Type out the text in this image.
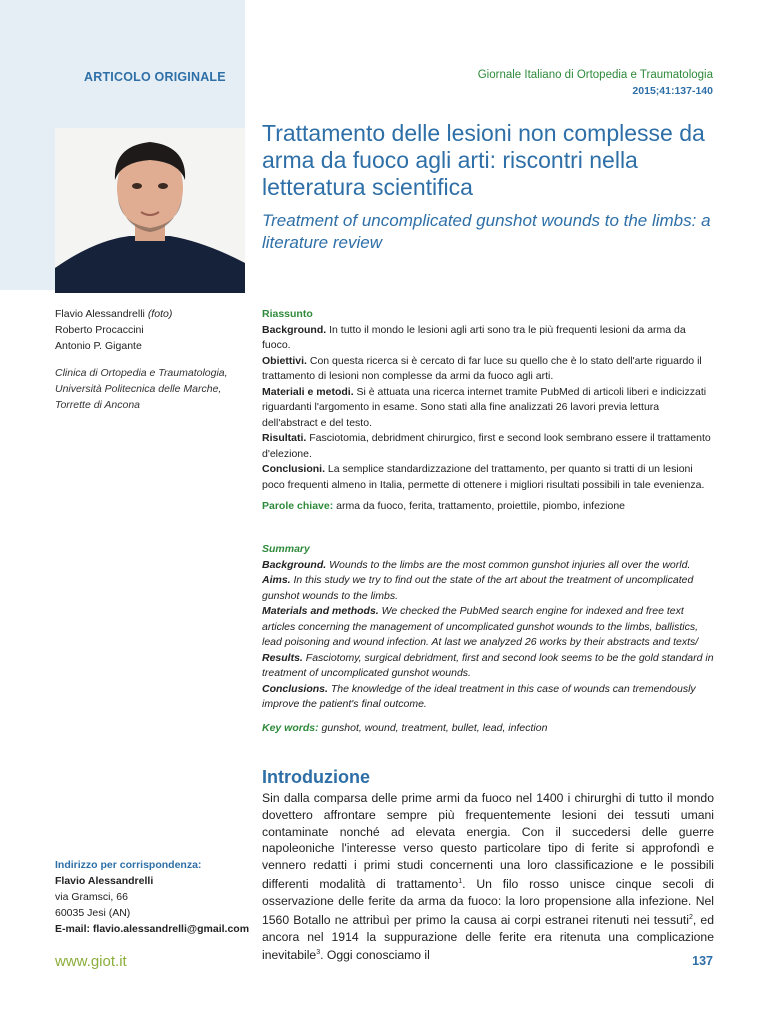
ARTICOLO ORIGINALE	Giornale Italiano di Ortopedia e Traumatologia
2015;41:137-140
Trattamento delle lesioni non complesse da arma da fuoco agli arti: riscontri nella letteratura scientifica
Treatment of uncomplicated gunshot wounds to the limbs: a literature review
Flavio Alessandrelli (foto)
Roberto Procaccini
Antonio P. Gigante
Clinica di Ortopedia e Traumatologia,
Università Politecnica delle Marche,
Torrette di Ancona
Riassunto
Background. In tutto il mondo le lesioni agli arti sono tra le più frequenti lesioni da arma da fuoco.
Obiettivi. Con questa ricerca si è cercato di far luce su quello che è lo stato dell'arte riguardo il trattamento di lesioni non complesse da armi da fuoco agli arti.
Materiali e metodi. Si è attuata una ricerca internet tramite PubMed di articoli liberi e indicizzati riguardanti l'argomento in esame. Sono stati alla fine analizzati 26 lavori previa lettura dell'abstract e del testo.
Risultati. Fasciotomia, debridment chirurgico, first e second look sembrano essere il trattamento d'elezione.
Conclusioni. La semplice standardizzazione del trattamento, per quanto si tratti di un lesioni poco frequenti almeno in Italia, permette di ottenere i migliori risultati possibili in tale evenienza.
Parole chiave: arma da fuoco, ferita, trattamento, proiettile, piombo, infezione
Summary
Background. Wounds to the limbs are the most common gunshot injuries all over the world.
Aims. In this study we try to find out the state of the art about the treatment of uncomplicated gunshot wounds to the limbs.
Materials and methods. We checked the PubMed search engine for indexed and free text articles concerning the management of uncomplicated gunshot wounds to the limbs, ballistics, lead poisoning and wound infection. At last we analyzed 26 works by their abstracts and texts/
Results. Fasciotomy, surgical debridment, first and second look seems to be the gold standard in treatment of uncomplicated gunshot wounds.
Conclusions. The knowledge of the ideal treatment in this case of wounds can tremendously improve the patient's final outcome.
Key words: gunshot, wound, treatment, bullet, lead, infection
Introduzione
Sin dalla comparsa delle prime armi da fuoco nel 1400 i chirurghi di tutto il mondo dovettero affrontare sempre più frequentemente lesioni dei tessuti umani contaminate nonché ad elevata energia. Con il succedersi delle guerre napoleoniche l'interesse verso questo particolare tipo di ferite si approfondì e vennero redatti i primi studi concernenti una loro classificazione e le possibili differenti modalità di trattamento$^1$. Un filo rosso unisce cinque secoli di osservazione delle ferite da arma da fuoco: la loro propensione alla infezione. Nel 1560 Botallo ne attribuì per primo la causa ai corpi estranei ritenuti nei tessuti$^2$, ed ancora nel 1914 la suppurazione delle ferite era ritenuta una complicazione inevitabile$^3$. Oggi conosciamo il
Indirizzo per corrispondenza:
Flavio Alessandrelli
via Gramsci, 66
60035 Jesi (AN)
E-mail: flavio.alessandrelli@gmail.com
www.giot.it	137
